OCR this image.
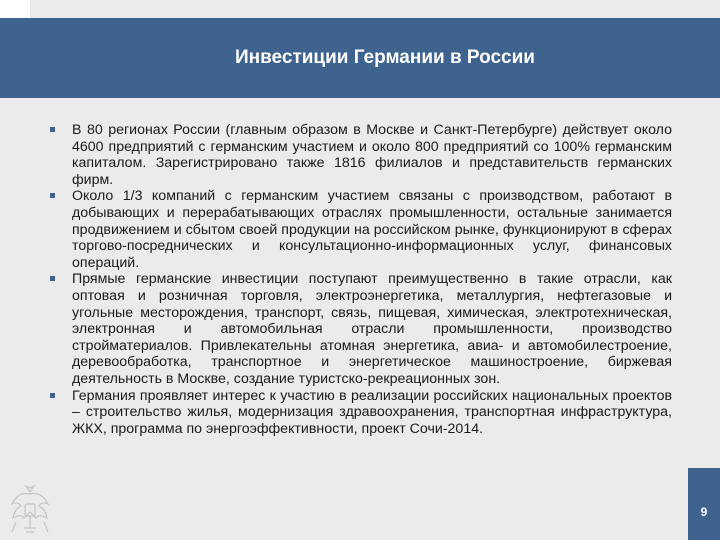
Инвестиции Германии в России
В 80 регионах России (главным образом в Москве и Санкт-Петербурге) действует около 4600 предприятий с германским участием и около 800 предприятий со 100% германским капиталом. Зарегистрировано также 1816 филиалов и представительств германских фирм.
Около 1/3 компаний с германским участием связаны с производством, работают в добывающих и перерабатывающих отраслях промышленности, остальные занимается продвижением и сбытом своей продукции на российском рынке, функционируют в сферах торгово-посреднических и консультационно-информационных услуг, финансовых операций.
Прямые германские инвестиции поступают преимущественно в такие отрасли, как оптовая и розничная торговля, электроэнергетика, металлургия, нефтегазовые и угольные месторождения, транспорт, связь, пищевая, химическая, электротехническая, электронная и автомобильная отрасли промышленности, производство стройматериалов. Привлекательны атомная энергетика, авиа- и автомобилестроение, деревообработка, транспортное и энергетическое машиностроение, биржевая деятельность в Москве, создание туристско-рекреационных зон.
Германия проявляет интерес к участию в реализации российских национальных проектов – строительство жилья, модернизация здравоохранения, транспортная инфраструктура, ЖКХ, программа по энергоэффективности, проект Сочи-2014.
9
